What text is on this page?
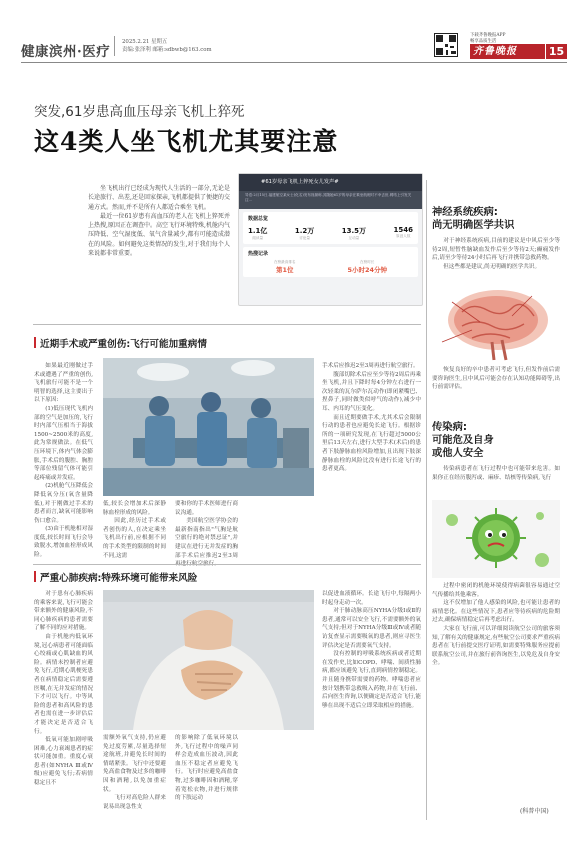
健康滨州·医疗
2025.2.21 星期五
责编:张泽利 邮箱:sdbwb@163.com
下载齐鲁晚报APP
畅享品质生活
齐鲁晚报	15
突发,61岁患高血压母亲飞机上猝死
这4类人坐飞机尤其要注意

坐飞机出行已经成为现代人生活的一部分,无论是长途旅行、出差,还是回家探亲,飞机都提供了便捷的交通方式。然而,并不是所有人都适合乘坐飞机。

最近一位61岁患有高血压的老人在飞机上猝死并上热搜,原因正在调查中。高空飞行环境特殊,机舱内气压降低、空气湿度低、氧气含量减少,都有可能造成潜在的风险。如何避免这类情况的发生,对于我们每个人来说都非常重要。

#61岁母亲飞机上猝死女儿发声#
导语:2月15日,福建航空某女士(化名)发布视频称,其随她61岁的母亲在乘坐航班时不幸去世,网络上引发关注...
数据总览
1.1亿
阅读量
1.2万
讨论量
13.5万
互动量
1546
原创人数
热搜记录
在榜最高排名
第1位
在榜时长
5小时24分钟
神经系统疾病:
尚无明确医学共识

对于神经系统疾病,目前的建议是中风后至少等待2周,短暂性脑缺血发作后至少等待2天;癫痫发作后,请至少等待24小时后再飞行并携带急救药物。

但这些都是建议,尚无明确的医学共识。

恢复良好的卒中患者可考虑飞行,但发作前后需要咨询医生,且中风后可能会存在认知功能障碍等,出行前需评估。
传染病:
可能危及自身
或他人安全
传染病患者在飞行过程中也可能带来危害。如果你正在经历腹泻或、麻疹、结核等传染病,飞行

过程中密闭的机舱环境使得病菌很容易通过空气传播给其他乘客。

这不仅增加了他人感染的风险,也可能让患者的病情恶化。在这些情况下,患者应等待疾病的危险期过去,确保病情稳定后再考虑出行。

大家在飞行前,可以详细阅读航空公司的旅客须知,了解有关的健康规定,有些航空公司要求严重疾病患者在飞行前提交医疗证明,如需要特殊服务应提前联系航空公司,并在旅行前咨询医生,以免危及自身安全。

(科普中国)
近期手术或严重创伤:飞行可能加重病情

如果最近刚做过手术或遭遇了严重的创伤,飞机旅行可能不是一个明智的选择,这主要出于以下原因:

(1)低压现代飞机内部的空气是加压的,飞行时内部气压相当于海拔1500~2500米的高度,此为常规做法。在低气压环境下,体内气体会膨胀,手术后的腹腔、胸腔等部位残留气体可能引起疼痛或并发症。

(2)机舱气压降低会降低氧分压(氧含量降低),对于刚做过手术的患者而言,缺氧可能影响伤口愈合。

(3)由于机舱相对湿度低,较长时间飞行会导致脱水,增加血栓形成风险。

低,较长会增加术后深静脉血栓形成的风险。

因此,经历过手术或者创伤的人,在决定乘坐飞机出行前,应根据不同的手术类型的限制的时间不同,这需

要和你的手术医师进行商议沟通。

美国航空医学协会的最新指南指出"气胸是航空旅行的绝对禁忌证",并建议在进行无并发症的胸部手术后应推迟2至3周

手术后应推迟2至3周再进行航空旅行。

腹部切除术后应至少等待2周后再乘坐飞机,并且下降时每4分钟左右进行一次轻柔的瓦尔萨尔瓦动作(即闭紧嘴巴、捏鼻子,同时做类似呼气的动作),减少中耳、内耳的气压变化。

而且近期要做手术,尤其术后会限制行动的患者也应避免长途飞行。根据诊所的一项研究发现,在飞行超过5000公里后13天左右,进行大型手术(术后)的患者下肢静脉血栓风险增加,且出现下肢深静脉血栓的风险比没有进行长途飞行的患者更高。

严重心肺疾病:特殊环境可能带来风险

对于患有心肺疾病的乘客来说,飞行可能会带来额外的健康风险,不同心肺疾病的患者需要了解不同的应对措施。

由于机舱内低氧环境,冠心病患者可能面临心绞痛或心肌缺血的风险。病情未控制者应避免飞行,近期心肌梗死患者在病情稳定后需要遵医嘱,在无并发症的情况下才可以飞行。中等风险的患者和高风险的患者也需在进一步评估后才能决定是否适合飞行。

低氧可能加剧呼吸困难,心力衰竭患者的症状可能加重。重度心衰患者(如NYHA Ⅲ或Ⅳ级)应避免飞行;若病情稳定且不

需额外氧气支持,仍应避免过度劳累,尽量选择短途航班,并避免长时间的情绪紧张。飞行中还要避免高盐食物及过多的咖啡因和酒精,以免加重症状。

飞行对高危险人群来说易出现急性支

的影响除了低氧环境以外,飞行过程中的噪声同样会造成血压波动,因此血压不稳定者应避免飞行。飞行时应避免高盐食物,过多咖啡因和酒精,穿着宽松衣物,并进行规律的下肢运动

以促进血液循环。长途飞行中,每隔两小时起身走动一次。

对于肺动脉高压NYHA分级Ⅰ或Ⅱ的患者,通常可以安全飞行,不需要额外的氧气支持;但对于NYHA分级Ⅲ或Ⅳ或者随访复查显示需要吸氧的患者,则应寻医生评估决定是否需要氧气支持。

没有控制的呼吸系统疾病或者近期在发作史,比如COPD、哮喘、间质性肺病,都应该避免飞行,直到病情控制稳定。并且随身携带需要的药物。哮喘患者应按计划携带急救吸入药物,并在飞行前、后向医生咨询,以便确定是否适合飞行,能够在出现不适后立即采取相应的措施。
